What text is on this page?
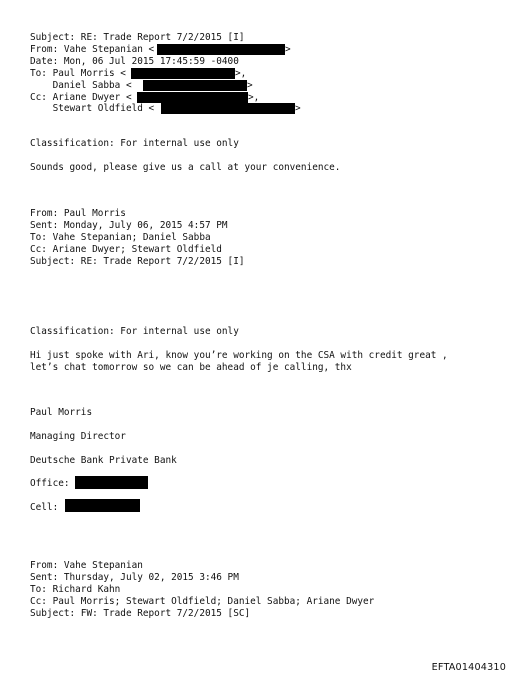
Subject: RE: Trade Report 7/2/2015 [I]
From: Vahe Stepanian <	>
Date: Mon, 06 Jul 2015 17:45:59 -0400
To: Paul Morris <	>,
Daniel Sabba <	>
Cc: Ariane Dwyer <	>,
Stewart Oldfield <	>
Classification: For internal use only
Sounds good, please give us a call at your convenience.
From: Paul Morris
Sent: Monday, July 06, 2015 4:57 PM
To: Vahe Stepanian; Daniel Sabba
Cc: Ariane Dwyer; Stewart Oldfield
Subject: RE: Trade Report 7/2/2015 [I]
Classification: For internal use only
Hi just spoke with Ari, know you’re working on the CSA with credit great ,
let’s chat tomorrow so we can be ahead of je calling, thx
Paul Morris
Managing Director
Deutsche Bank Private Bank
Office:
Cell:
From: Vahe Stepanian
Sent: Thursday, July 02, 2015 3:46 PM
To: Richard Kahn
Cc: Paul Morris; Stewart Oldfield; Daniel Sabba; Ariane Dwyer
Subject: FW: Trade Report 7/2/2015 [SC]
EFTA01404310
